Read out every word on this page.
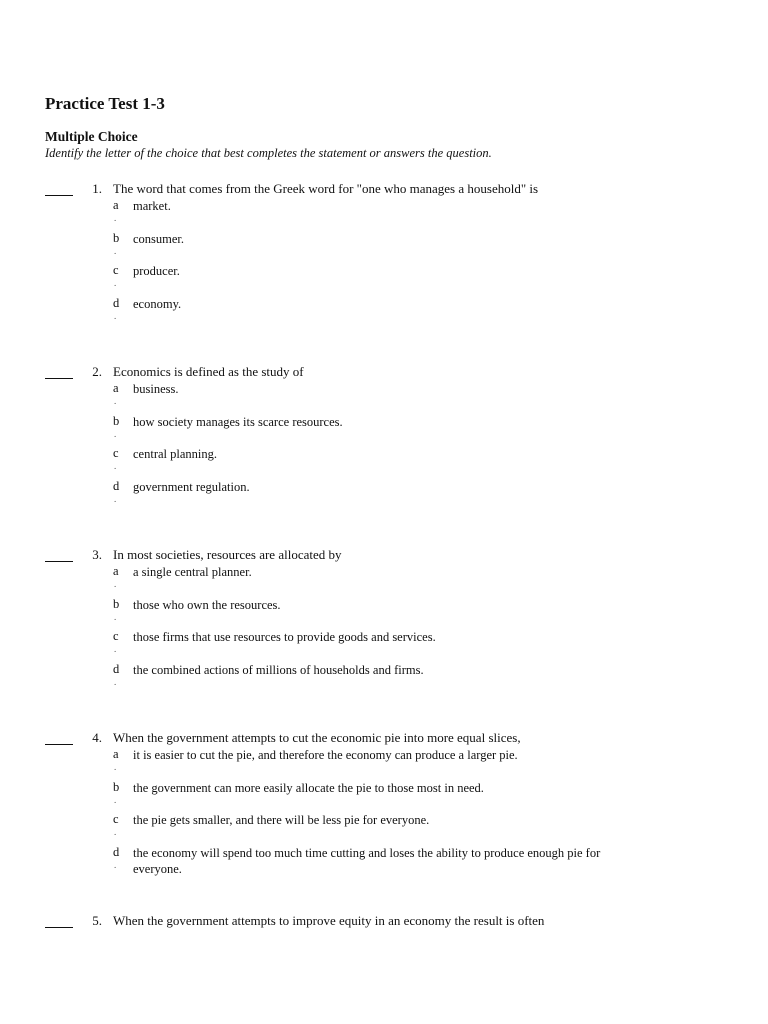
Practice Test 1-3
Multiple Choice
Identify the letter of the choice that best completes the statement or answers the question.
1. The word that comes from the Greek word for "one who manages a household" is
a
.
market.
b
.
consumer.
c
.
producer.
d
.
economy.
2. Economics is defined as the study of
a
.
business.
b
.
how society manages its scarce resources.
c
.
central planning.
d
.
government regulation.
3. In most societies, resources are allocated by
a
.
a single central planner.
b
.
those who own the resources.
c
.
those firms that use resources to provide goods and services.
d
.
the combined actions of millions of households and firms.
4. When the government attempts to cut the economic pie into more equal slices,
a
.
it is easier to cut the pie, and therefore the economy can produce a larger pie.
b
.
the government can more easily allocate the pie to those most in need.
c
.
the pie gets smaller, and there will be less pie for everyone.
d
.
the economy will spend too much time cutting and loses the ability to produce enough pie for everyone.
5. When the government attempts to improve equity in an economy the result is often
